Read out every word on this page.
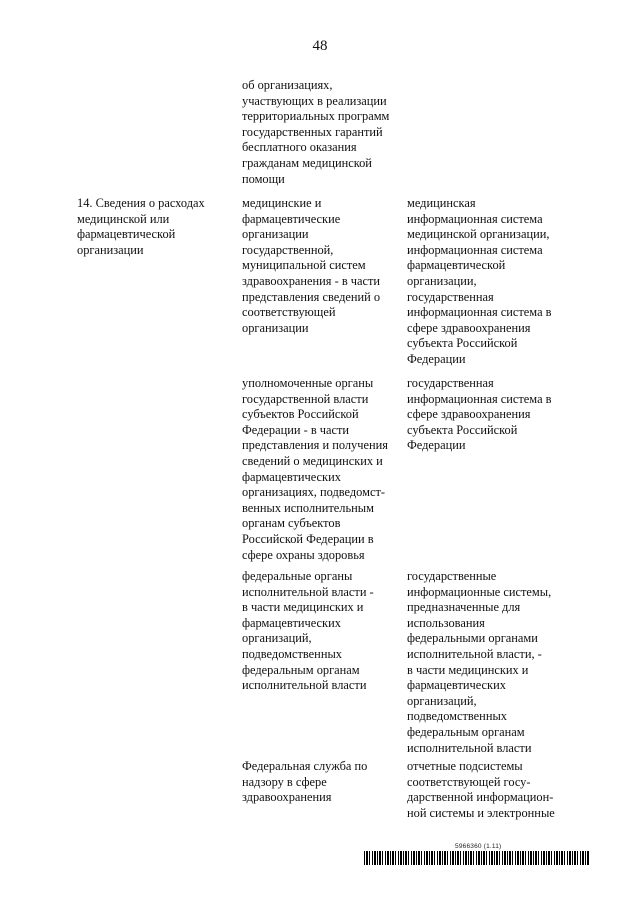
48

об организациях,
участвующих в реализации
территориальных программ
государственных гарантий
бесплатного оказания
гражданам медицинской
помощи

14. Сведения о расходах
медицинской или
фармацевтической
организации

медицинские и
фармацевтические
организации
государственной,
муниципальной систем
здравоохранения - в части
представления сведений о
соответствующей
организации

медицинская
информационная система
медицинской организации,
информационная система
фармацевтической
организации,
государственная
информационная система в
сфере здравоохранения
субъекта Российской
Федерации

уполномоченные органы
государственной власти
субъектов Российской
Федерации - в части
представления и получения
сведений о медицинских и
фармацевтических
организациях, подведомст-
венных исполнительным
органам субъектов
Российской Федерации в
сфере охраны здоровья

государственная
информационная система в
сфере здравоохранения
субъекта Российской
Федерации

федеральные органы
исполнительной власти -
в части медицинских и
фармацевтических
организаций,
подведомственных
федеральным органам
исполнительной власти

государственные
информационные системы,
предназначенные для
использования
федеральными органами
исполнительной власти, -
в части медицинских и
фармацевтических
организаций,
подведомственных
федеральным органам
исполнительной власти

Федеральная служба по
надзору в сфере
здравоохранения

отчетные подсистемы
соответствующей госу-
дарственной информацион-
ной системы и электронные

5966360 (1.11)
